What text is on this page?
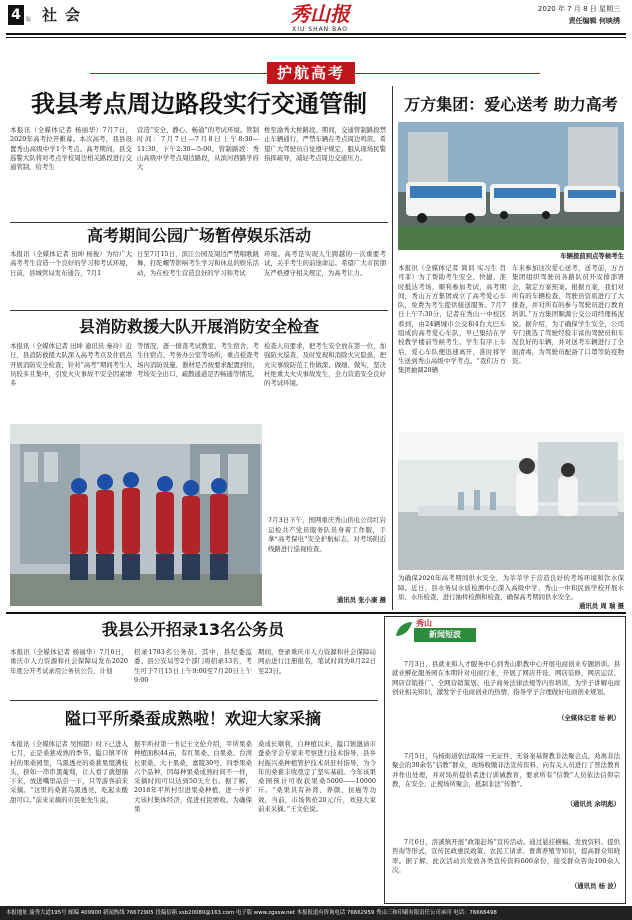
4	版 社会	秀山报
XIU SHAN BAO
2020 年 7 月 8 日 星期三
责任编辑 何映绣
护航高考
我县考点周边路段实行交通管制
本报讯（全媒体记者 杨丽华）7月7日，2020年高考拉开帷幕。本次高考，我县设置秀山高级中学1个考点。高考期间，县交巡警大队将对考点学校周边相关路段进行交通管制，给考生
营造“安全、静心、畅通”的考试环境。管制时间：7月7日—7月8日上午8:30—11:30，下午2:30—5:00。管制路段：秀山高级中学考点周边路段，从滨河西路学府大
桥至渝秀大桥路段。期间，交通管制路段禁止车辆通行，严禁车辆在考点周边鸣笛。希望广大驾驶员自觉遵守规定，服从现场民警指挥疏导，减轻考点周边交通压力。
高考期间公园广场暂停娱乐活动
本报讯（全媒体记者 田坤 杨俊）为给广大高考考生营造一个良好的学习和考试环境，日前，县城管局发布通告，7月1
日至7月15日，滨江公园及周边严禁唱歌跳舞，打陀螺等影响考生学习和休息的娱乐活动，为在校考生营造良好的学习和考试
环境。高考是实现人生跨越的一次重要考试，关乎考生的前途命运。希望广大市民朋友严格遵守相关规定，为高考让力。
县消防救援大队开展消防安全检查
本报讯（全媒体记者 田坤 通讯员 秦玲）近日，县消防救援大队深入高考考点及住宿点开展消防安全检查，针对“高考”期间考生人员较多且集中，引发火灾事故不安全因素增多
等情况，逐一排查考试教室、考生宿舍、考生住宿点、考务办公室等场所，重点检查考场内消防设施、器材是否按要求配置到位，考场安全出口、疏散通道是否畅通等情况。
检查人员要求，把考生安全放在第一位，加强防火巡查，及时发现和消除火灾隐患，把火灾事故防范工作做深、做细、做实，坚决杜绝重大火灾事故发生，全力营造安全良好的考试环境。
7月3日下午，国网重庆秀山供电公司红岩运检共产党员服务队员身着工作服，手拿“高考保电”安全护航标志，对考场附近线路进行巡视检查。
通讯员 张小康 摄
万方集团：爱心送考 助力高考
车辆提前到点等候考生
本报讯（全媒体记者 简训 实习生 肖可菲）为了帮助考生安全、快捷、准时抵达考场，顺利参加考试，高考期间，秀山万方集团成立了高考爱心车队，免费为考生提供接送服务。7月7日上午7:30分，记者在秀山一中校区看到，由24辆城市公交和4台大巴车组成的高考爱心车队，早已集结在学校教学楼前等候考生。学生有序上车后，爱心车队便迅速离开，准时将学生送到秀山高级中学考点。“我们万方集团抽调28辆
车来参加这次爱心送考，送考前，万方集团组织驾驶员各路队员开安排部署会，制定方案预案。根据方案，我们对所有的车辆检查、驾驶员资质进行了大排查，并对所有的参与驾驶员进行教育培训。”万方集团顺源公交公司经理杨泥说。据介绍，为了确保学生安全，公司专门挑选了驾驶经验丰富的驾驶员和车况良好的车辆，并对送考车辆进行了全面清毒，为驾驶员配备了口罩等防疫物资。
为确保2020年高考期间供水安全，为莘莘学子营造良好的考场环境和饮水保障。近日，县水务局水质检测中心深入高级中学、秀山一中和民族学校开展水质、水压检查，进行抽样检测和检查，确保高考期间供水安全。
通讯员 周 瑞 摄
我县公开招录13名公务员
本报讯（全媒体记者 杨丽华）7月6日，重庆市人力资源和社会保障局发布2020年度公开考试录用公务员公告，计划
招录1783名公务员。其中，县纪委监委、县公安局等2个部门将招录13名，考生可于7月15日上午9:00至7月20日上午9:00
期间，登录重庆市人力资源和社会保障局网站进行注册报名，笔试时间为8月22日至23日。
隘口平所桑蚕成熟啦！欢迎大家采摘
本报讯（全媒体记者 吴国超）时下已进入七月，正是桑葚成熟的季节。隘口镇平所村的果桑园里，乌黑透亮的桑葚果缀满枝头，挤如一串串黑葡萄，让人看了就想摘下来，放进嘴里品尝一下，只等游客前来采摘。“这里的桑葚乌黑透亮，吃起来酸甜可口。”前来采摘的市民张先生说。
据平所村第一书记王文伦介绍，平所果桑种植面积44亩，有红果桑、白果桑、台湾长果桑、大十果桑，嘉陵30号，四季果桑六个品种，因每种果桑成熟时间不一样，采摘时间可以达到50天左右。据了解，2018年平所村引进果桑种植，进一步扩大该村集体经济，促进村民增收。为确保果
桑成长顺利，自种植以来，隘口镇邀请市蚕桑学会专家来考察进行技术指导，县乡村振兴桑种植管护技术员驻村指导，为今年的桑葚丰收奠定了坚实基础。今年该果桑园预计可收获果桑5000——10000斤。“桑果具有补肾、养颜、抗癌等功效，当前，市场售价20元/斤，欢迎大家前来采摘。”王文伦说。
秀山
新闻短波
7月3日，县就业和人才服务中心到秀山职教中心开展电商创业专题培训。县就业孵化服务园在本期针对电商行业，开展了网店开设、网店装修、网店运营、网店营销推广、全网营销策划、电子商务法律法规等内容培训，为学子讲解电商创业相关知识，激发学子电商创业的热情，指导学子合理做好电商创业规划。
（全媒体记者 杨 帆）
7月5日，乌杨街道依法取缔一无证件、无备案基督教非法聚会点。劝离非法聚会的30余名“信教”群众，现场收缴非法宣传资料，向有关人员进行了普法教育并作出处理，并对场所提供者进行训诫教育，要求所有“信教”人员依法信仰宗教，在安全、正规场所聚会，抵制非法“传教”。
（通讯员 余明彪）
7月6日，溶溪镇开展“政策赶场”宣传活动。通过悬挂横幅、发放资料、提供咨询等形式，宣传民政惠民政策、农民工请求、畜禽养殖等知识，提高群众知晓率。据了解，此次活动共发放各类宣传资料600余份，接受群众咨询100余人次。
（通讯员 杨 波）
本报地址 渝秀大道195号 邮编 409900 新闻热线 76672905 投稿信箱 xsb20080@163.com 电子版 www.zgxsw.net 本报报道有咨询电话 76662959 秀山三和印刷有限责任公司承印 电话：76666498
